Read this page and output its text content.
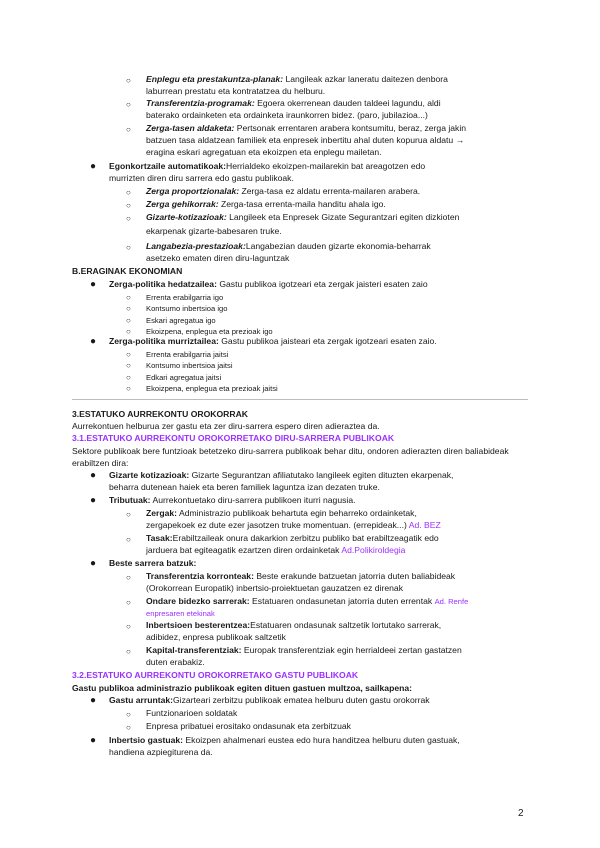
○ Enplegu eta prestakuntza-planak: Langileak azkar laneratu daitezen denbora
laburrean prestatu eta kontratatzea du helburu.
○ Transferentzia-programak: Egoera okerrenean dauden taldeei lagundu, aldi
baterako ordainketen eta ordainketa iraunkorren bidez. (paro, jubilazioa...)
○ Zerga-tasen aldaketa: Pertsonak errentaren arabera kontsumitu, beraz, zerga jakin
batzuen tasa aldatzean familiek eta enpresek inbertitu ahal duten kopurua aldatu →
eragina eskari agregatuan eta ekoizpen eta enplegu mailetan.
● Egonkortzaile automatikoak:Herrialdeko ekoizpen-mailarekin bat areagotzen edo
murrizten diren diru sarrera edo gastu publikoak.
○ Zerga proportzionalak: Zerga-tasa ez aldatu errenta-mailaren arabera.
○ Zerga gehikorrak: Zerga-tasa errenta-maila handitu ahala igo.
○ Gizarte-kotizazioak: Langileek eta Enpresek Gizate Segurantzari egiten dizkioten
ekarpenak gizarte-babesaren truke.
○ Langabezia-prestazioak:Langabezian dauden gizarte ekonomia-beharrak
asetzeko ematen diren diru-laguntzak
B.ERAGINAK EKONOMIAN
● Zerga-politika hedatzailea: Gastu publikoa igotzeari eta zergak jaisteri esaten zaio
○ Errenta erabilgarria igo
○ Kontsumo inbertsioa igo
○ Eskari agregatua igo
○ Ekoizpena, enplegua eta prezioak igo
● Zerga-politika murriztailea: Gastu publikoa jaisteari eta zergak igotzeari esaten zaio.
○ Errenta erabilgarria jaitsi
○ Kontsumo inbertsioa jaitsi
○ Edkari agregatua jaitsi
○ Ekoizpena, enplegua eta prezioak jaitsi
3.ESTATUKO AURREKONTU OROKORRAK
Aurrekontuen helburua zer gastu eta zer diru-sarrera espero diren adieraztea da.
3.1.ESTATUKO AURREKONTU OROKORRETAKO DIRU-SARRERA PUBLIKOAK
Sektore publikoak bere funtzioak betetzeko diru-sarrera publikoak behar ditu, ondoren adierazten diren baliabideak
erabiltzen dira:
● Gizarte kotizazioak: Gizarte Segurantzan afiliatutako langileek egiten dituzten ekarpenak,
beharra dutenean haiek eta beren familiek laguntza izan dezaten truke.
● Tributuak: Aurrekontuetako diru-sarrera publikoen iturri nagusia.
○ Zergak: Administrazio publikoak behartuta egin beharreko ordainketak,
zergapekoek ez dute ezer jasotzen truke momentuan. (errepideak...) Ad. BEZ
○ Tasak:Erabiltzaileak onura dakarkion zerbitzu publiko bat erabiltzeagatik edo
jarduera bat egiteagatik ezartzen diren ordainketak Ad.Polikiroldegia
● Beste sarrera batzuk:
○ Transferentzia korronteak: Beste erakunde batzuetan jatorria duten baliabideak
(Orokorrean Europatik) inbertsio-proiektuetan gauzatzen ez direnak
○ Ondare bidezko sarrerak: Estatuaren ondasunetan jatorria duten errentak Ad. Renfe
enpresaren etekinak
○ Inbertsioen besterentzea:Estatuaren ondasunak saltzetik lortutako sarrerak,
adibidez, enpresa publikoak saltzetik
○ Kapital-transferentziak: Europak transferentziak egin herrialdeei zertan gastatzen
duten erabakiz.
3.2.ESTATUKO AURREKONTU OROKORRETAKO GASTU PUBLIKOAK
Gastu publikoa administrazio publikoak egiten dituen gastuen multzoa, sailkapena:
● Gastu arruntak:Gizarteari zerbitzu publikoak ematea helburu duten gastu orokorrak
○ Funtzionarioen soldatak
○ Enpresa pribatuei erositako ondasunak eta zerbitzuak
● Inbertsio gastuak: Ekoizpen ahalmenari eustea edo hura handitzea helburu duten gastuak,
handiena azpiegiturena da.
2
